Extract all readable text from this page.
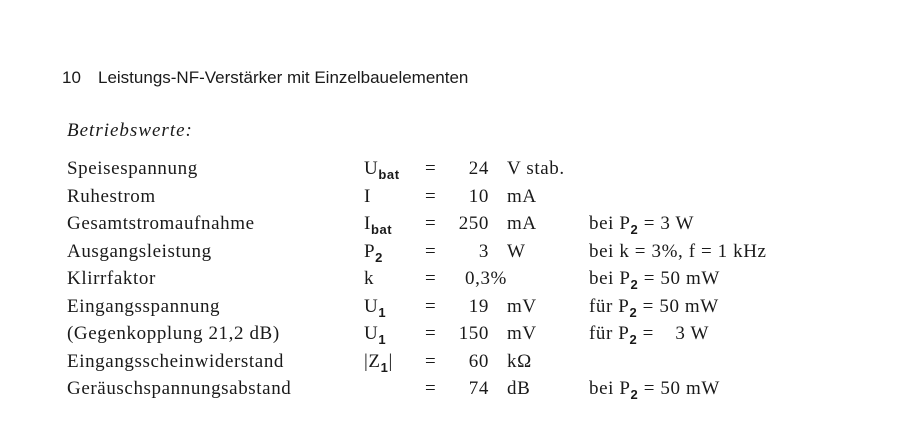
10 Leistungs-NF-Verstärker mit Einzelbauelementen
Betriebswerte:
Speisespannung	$U_{bat}$ =	24 V stab.
Ruhestrom	I	=	10 mA
Gesamtstromaufnahme	$I_{bat}$ =	250 mA	bei $P_2 = 3$ W
Ausgangsleistung	$P_2$ =	3 W	bei k = 3%, f = 1 kHz
Klirrfaktor	k	= 0,3%	bei $P_2 = 50$ mW
Eingangsspannung	$U_1$ =	19 mV	für $P_2 = 50$ mW
(Gegenkopplung 21,2 dB)	$U_1$ =	150 mV	für $P_2$ =    3 W
Eingangsscheinwiderstand	$|Z_1|$ =	60 kΩ
Geräuschspannungsabstand	=	74 dB	bei $P_2 = 50$ mW
